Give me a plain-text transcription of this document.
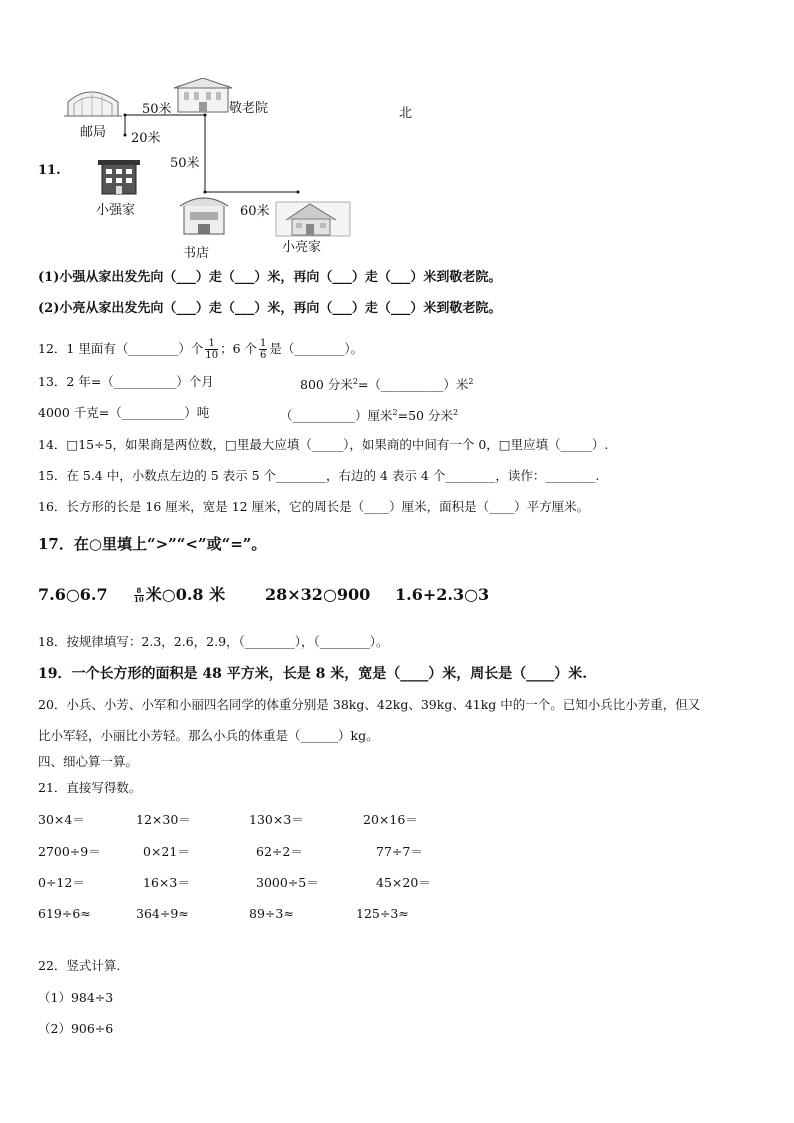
11.
邮局
50米	敬老院	北
20米
50米
小强家	60米
书店	小亮家
(1)小强从家出发先向（___）走（___）米，再向（___）走（___）米到敬老院。
(2)小亮从家出发先向（___）走（___）米，再向（___）走（___）米到敬老院。
12．1 里面有（________）个 $\frac{1}{10}$ ；6 个 $\frac{1}{6}$ 是（________）。
13．2 年=（__________）个月	800 分米$^2$=（__________）米$^2$
4000 千克=（__________）吨	（__________）厘米$^2$=50 分米$^2$
14．□15÷5，如果商是两位数，□里最大应填（_____），如果商的中间有一个 0，□里应填（_____）.
15．在 5.4 中，小数点左边的 5 表示 5 个________，右边的 4 表示 4 个________，读作：________.
16．长方形的长是 16 厘米，宽是 12 厘米，它的周长是（____）厘米，面积是（____）平方厘米。
17．在○里填上“>”“<”或“=”。
7.6○6.7	$\frac{8}{10}$ 米○0.8 米 28×32○900 1.6+2.3○3
18．按规律填写：2.3，2.6，2.9，（________），（________）。
19．一个长方形的面积是 48 平方米，长是 8 米，宽是（____）米，周长是（____）米.
20．小兵、小芳、小军和小丽四名同学的体重分别是 38kg、42kg、39kg、41kg 中的一个。已知小兵比小芳重，但又
比小军轻，小丽比小芳轻。那么小兵的体重是（______）kg。
四、细心算一算。
21．直接写得数。
30×4＝	12×30＝	130×3＝	20×16＝
2700÷9＝	0×21＝	62÷2＝	77÷7＝
0÷12＝	16×3＝	3000÷5＝	45×20＝
619÷6≈	364÷9≈	89÷3≈	125÷3≈
22．竖式计算.
（1）984÷3
（2）906÷6
